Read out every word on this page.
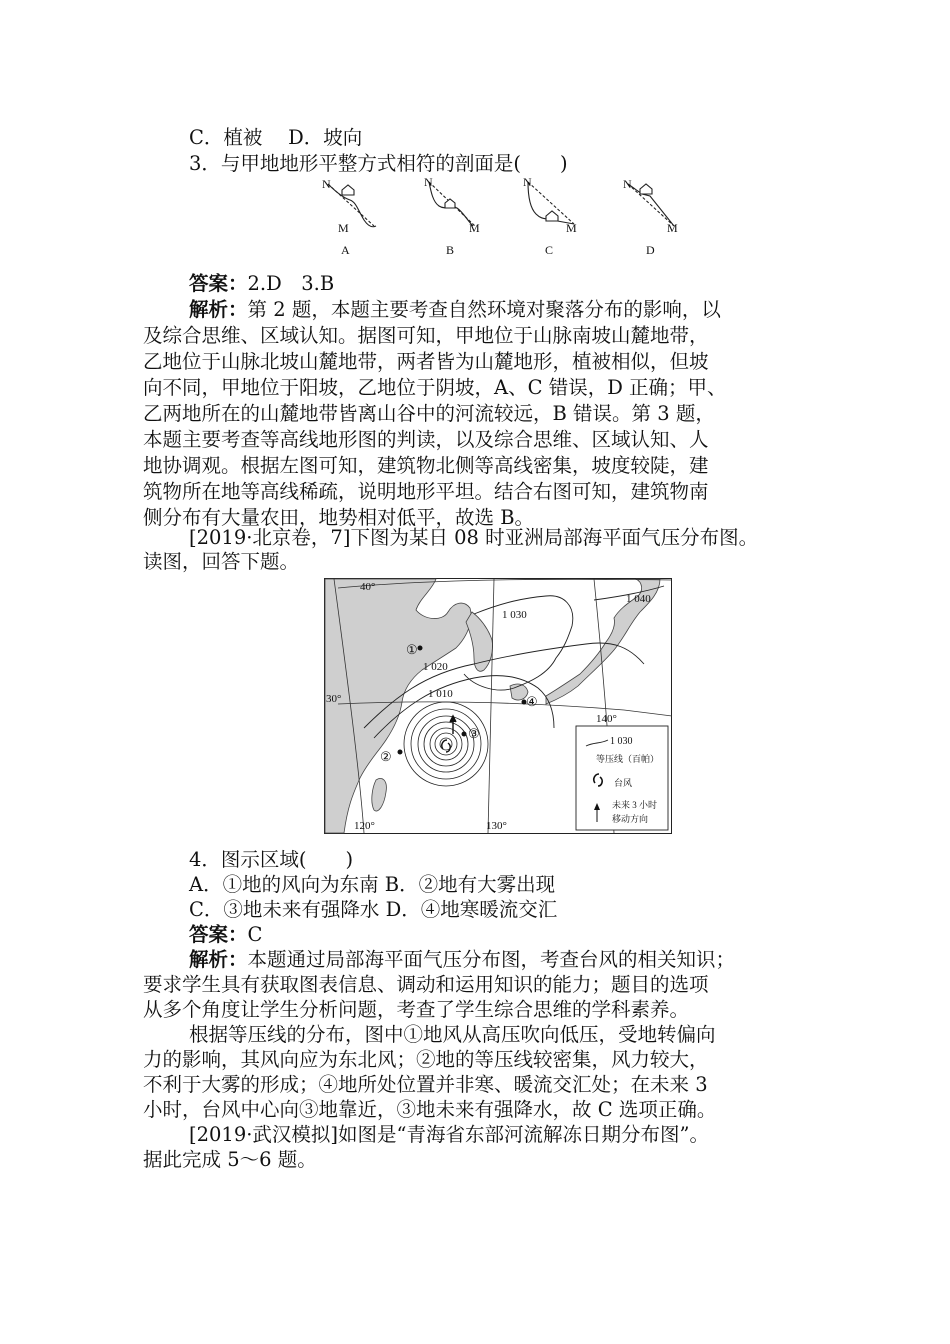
C．植被　 D．坡向
3．与甲地地形平整方式相符的剖面是(　　)
N
M
N
M
N
M
N
M
A	B	C	D
答案：2.D　3.B
解析：第 2 题，本题主要考查自然环境对聚落分布的影响，以
及综合思维、区域认知。据图可知，甲地位于山脉南坡山麓地带，
乙地位于山脉北坡山麓地带，两者皆为山麓地形，植被相似，但坡
向不同，甲地位于阳坡，乙地位于阴坡，A、C 错误，D 正确；甲、
乙两地所在的山麓地带皆离山谷中的河流较远，B 错误。第 3 题，
本题主要考查等高线地形图的判读，以及综合思维、区域认知、人
地协调观。根据左图可知，建筑物北侧等高线密集，坡度较陡，建
筑物所在地等高线稀疏，说明地形平坦。结合右图可知，建筑物南
侧分布有大量农田，地势相对低平，故选 B。
[2019·北京卷，7]下图为某日 08 时亚洲局部海平面气压分布图。
读图，回答下题。
1 040
1 030
1 020
1 010
40°
30°
120°	130°
140°
①
②
③
④
1 030
等压线（百帕）
台风
未来 3 小时
移动方向
4．图示区域(　　)
A．①地的风向为东南 B．②地有大雾出现
C．③地未来有强降水 D．④地寒暖流交汇
答案：C
解析：本题通过局部海平面气压分布图，考查台风的相关知识；
要求学生具有获取图表信息、调动和运用知识的能力；题目的选项
从多个角度让学生分析问题，考查了学生综合思维的学科素养。
根据等压线的分布，图中①地风从高压吹向低压，受地转偏向
力的影响，其风向应为东北风；②地的等压线较密集，风力较大，
不利于大雾的形成；④地所处位置并非寒、暖流交汇处；在未来 3
小时，台风中心向③地靠近，③地未来有强降水，故 C 选项正确。
[2019·武汉模拟]如图是“青海省东部河流解冻日期分布图”。
据此完成 5～6 题。
